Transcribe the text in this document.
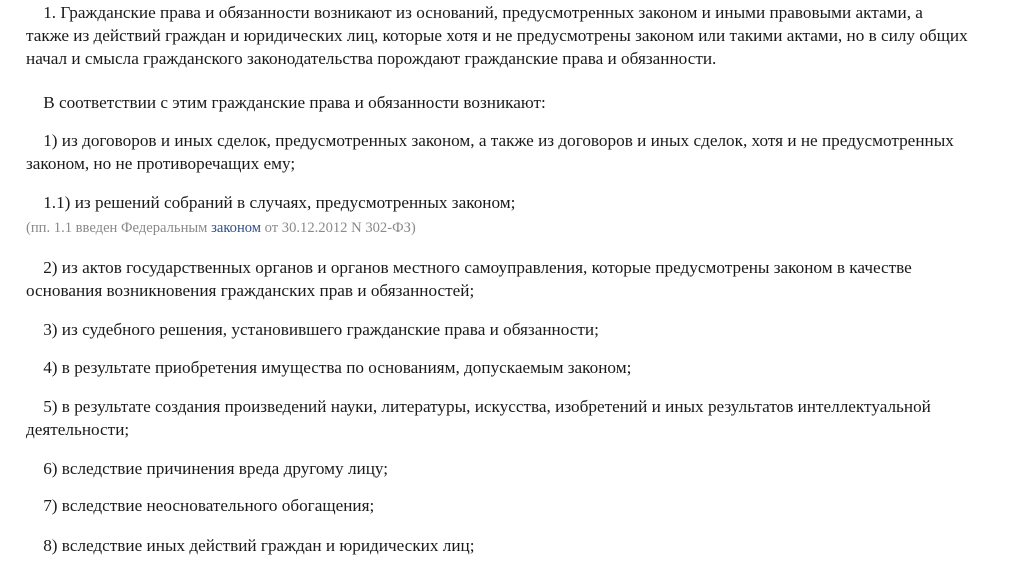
1. Гражданские права и обязанности возникают из оснований, предусмотренных законом и иными правовыми актами, а
также из действий граждан и юридических лиц, которые хотя и не предусмотрены законом или такими актами, но в силу общих
начал и смысла гражданского законодательства порождают гражданские права и обязанности.
В соответствии с этим гражданские права и обязанности возникают:
1) из договоров и иных сделок, предусмотренных законом, а также из договоров и иных сделок, хотя и не предусмотренных
законом, но не противоречащих ему;
1.1) из решений собраний в случаях, предусмотренных законом;
(пп. 1.1 введен Федеральным законом от 30.12.2012 N 302-ФЗ)
2) из актов государственных органов и органов местного самоуправления, которые предусмотрены законом в качестве
основания возникновения гражданских прав и обязанностей;
3) из судебного решения, установившего гражданские права и обязанности;
4) в результате приобретения имущества по основаниям, допускаемым законом;
5) в результате создания произведений науки, литературы, искусства, изобретений и иных результатов интеллектуальной
деятельности;
6) вследствие причинения вреда другому лицу;
7) вследствие неосновательного обогащения;
8) вследствие иных действий граждан и юридических лиц;
